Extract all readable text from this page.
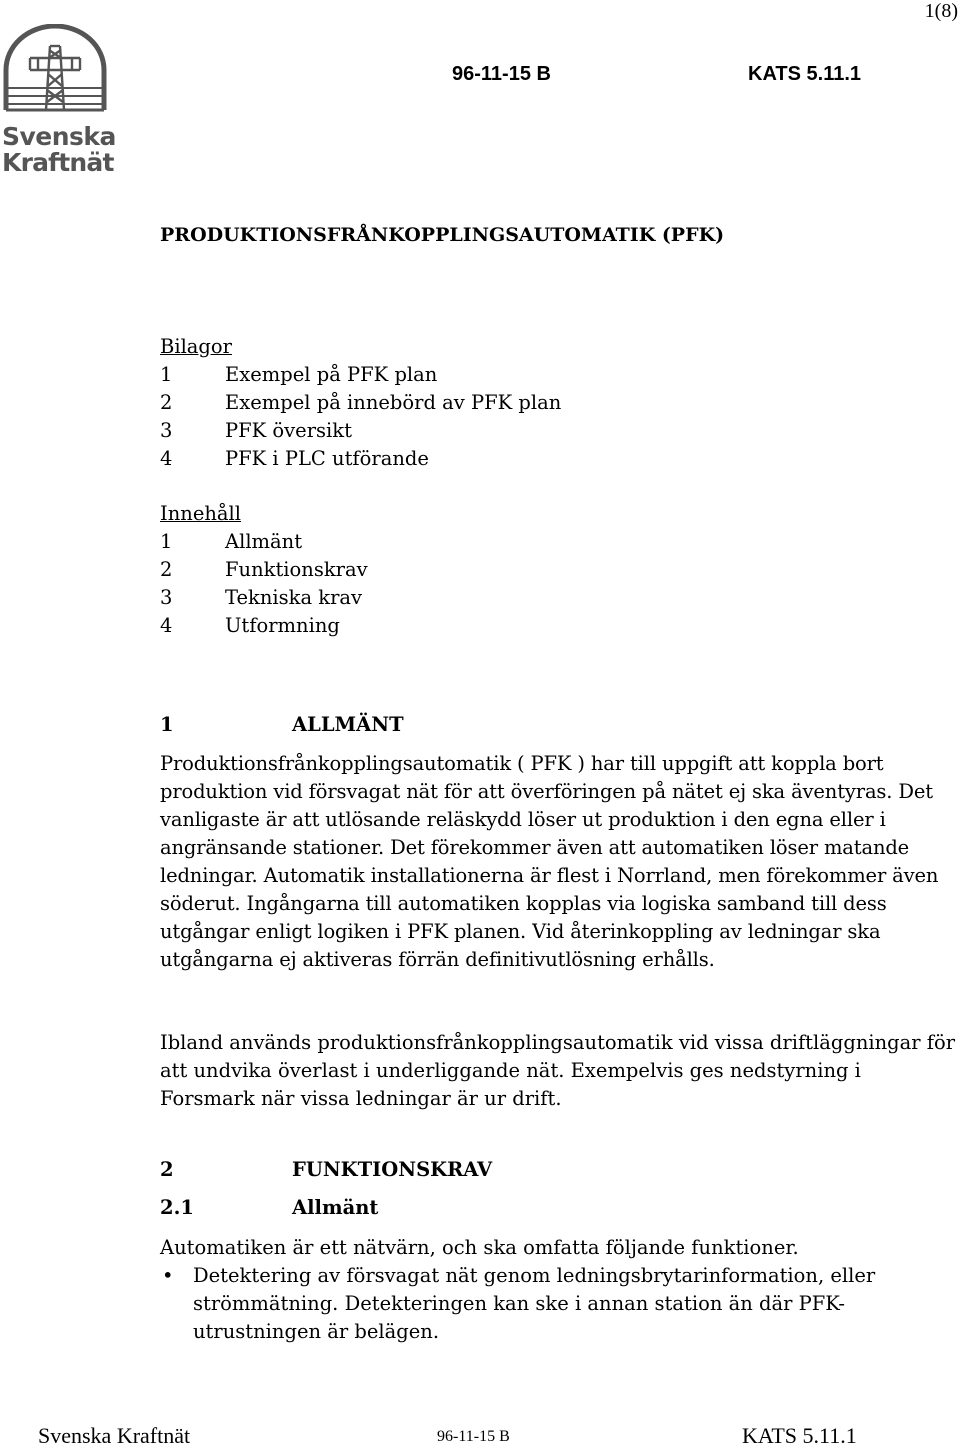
1(8)
Svenska
Kraftnät
96-11-15 B	KATS 5.11.1
PRODUKTIONSFRÅNKOPPLINGSAUTOMATIK (PFK)
Bilagor
1	Exempel på PFK plan
2	Exempel på innebörd av PFK plan
3	PFK översikt
4	PFK i PLC utförande
Innehåll
1	Allmänt
2	Funktionskrav
3	Tekniska krav
4	Utformning
1	ALLMÄNT

Produktionsfrånkopplingsautomatik ( PFK ) har till uppgift att koppla bort produktion vid försvagat nät för att överföringen på nätet ej ska äventyras. Det vanligaste är att utlösande reläskydd löser ut produktion i den egna eller i angränsande stationer. Det förekommer även att automatiken löser matande ledningar. Automatik installationerna är flest i Norrland, men förekommer även söderut. Ingångarna till automatiken kopplas via logiska samband till dess utgångar enligt logiken i PFK planen. Vid återinkoppling av ledningar ska utgångarna ej aktiveras förrän definitivutlösning erhålls.

Ibland används produktionsfrånkopplingsautomatik vid vissa driftläggningar för att undvika överlast i underliggande nät. Exempelvis ges nedstyrning i Forsmark när vissa ledningar är ur drift.

2	FUNKTIONSKRAV
2.1	Allmänt

Automatiken är ett nätvärn, och ska omfatta följande funktioner.

• Detektering av försvagat nät genom ledningsbrytarinformation, eller strömmätning. Detekteringen kan ske i annan station än där PFK-utrustningen är belägen.
Svenska Kraftnät	96-11-15 B	KATS 5.11.1
